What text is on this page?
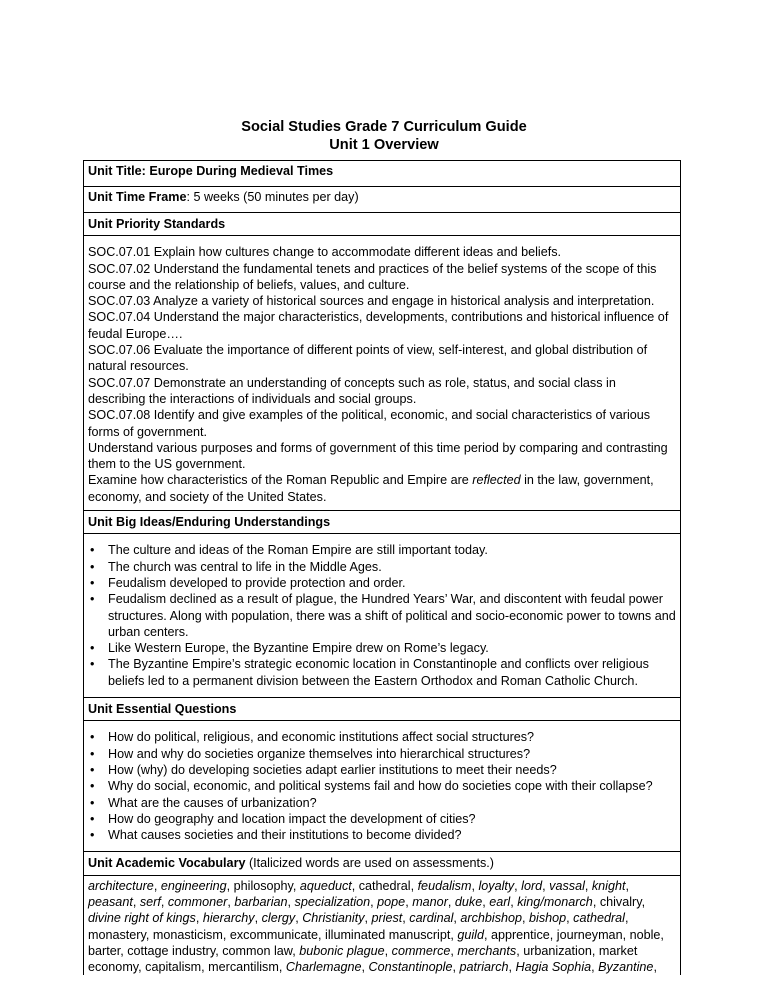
Social Studies Grade 7 Curriculum Guide
Unit 1 Overview
Unit Title: Europe During Medieval Times
Unit Time Frame: 5 weeks (50 minutes per day)
Unit Priority Standards

SOC.07.01 Explain how cultures change to accommodate different ideas and beliefs.

SOC.07.02 Understand the fundamental tenets and practices of the belief systems of the scope of this course and the relationship of beliefs, values, and culture.

SOC.07.03 Analyze a variety of historical sources and engage in historical analysis and interpretation.

SOC.07.04 Understand the major characteristics, developments, contributions and historical influence of feudal Europe….

SOC.07.06 Evaluate the importance of different points of view, self-interest, and global distribution of natural resources.

SOC.07.07 Demonstrate an understanding of concepts such as role, status, and social class in describing the interactions of individuals and social groups.

SOC.07.08 Identify and give examples of the political, economic, and social characteristics of various forms of government.

Understand various purposes and forms of government of this time period by comparing and contrasting them to the US government.

Examine how characteristics of the Roman Republic and Empire are reflected in the law, government, economy, and society of the United States.

Unit Big Ideas/Enduring Understandings

• The culture and ideas of the Roman Empire are still important today.
• The church was central to life in the Middle Ages.
• Feudalism developed to provide protection and order.
• Feudalism declined as a result of plague, the Hundred Years’ War, and discontent with feudal power structures. Along with population, there was a shift of political and socio-economic power to towns and urban centers.
• Like Western Europe, the Byzantine Empire drew on Rome’s legacy.
• The Byzantine Empire’s strategic economic location in Constantinople and conflicts over religious beliefs led to a permanent division between the Eastern Orthodox and Roman Catholic Church.

Unit Essential Questions

• How do political, religious, and economic institutions affect social structures?
• How and why do societies organize themselves into hierarchical structures?
• How (why) do developing societies adapt earlier institutions to meet their needs?
• Why do social, economic, and political systems fail and how do societies cope with their collapse?
• What are the causes of urbanization?
• How do geography and location impact the development of cities?
• What causes societies and their institutions to become divided?

Unit Academic Vocabulary (Italicized words are used on assessments.)
architecture, engineering, philosophy, aqueduct, cathedral, feudalism, loyalty, lord, vassal, knight, peasant, serf, commoner, barbarian, specialization, pope, manor, duke, earl, king/monarch, chivalry, divine right of kings, hierarchy, clergy, Christianity, priest, cardinal, archbishop, bishop, cathedral, monastery, monasticism, excommunicate, illuminated manuscript, guild, apprentice, journeyman, noble, barter, cottage industry, common law, bubonic plague, commerce, merchants, urbanization, market economy, capitalism, mercantilism, Charlemagne, Constantinople, patriarch, Hagia Sophia, Byzantine,
